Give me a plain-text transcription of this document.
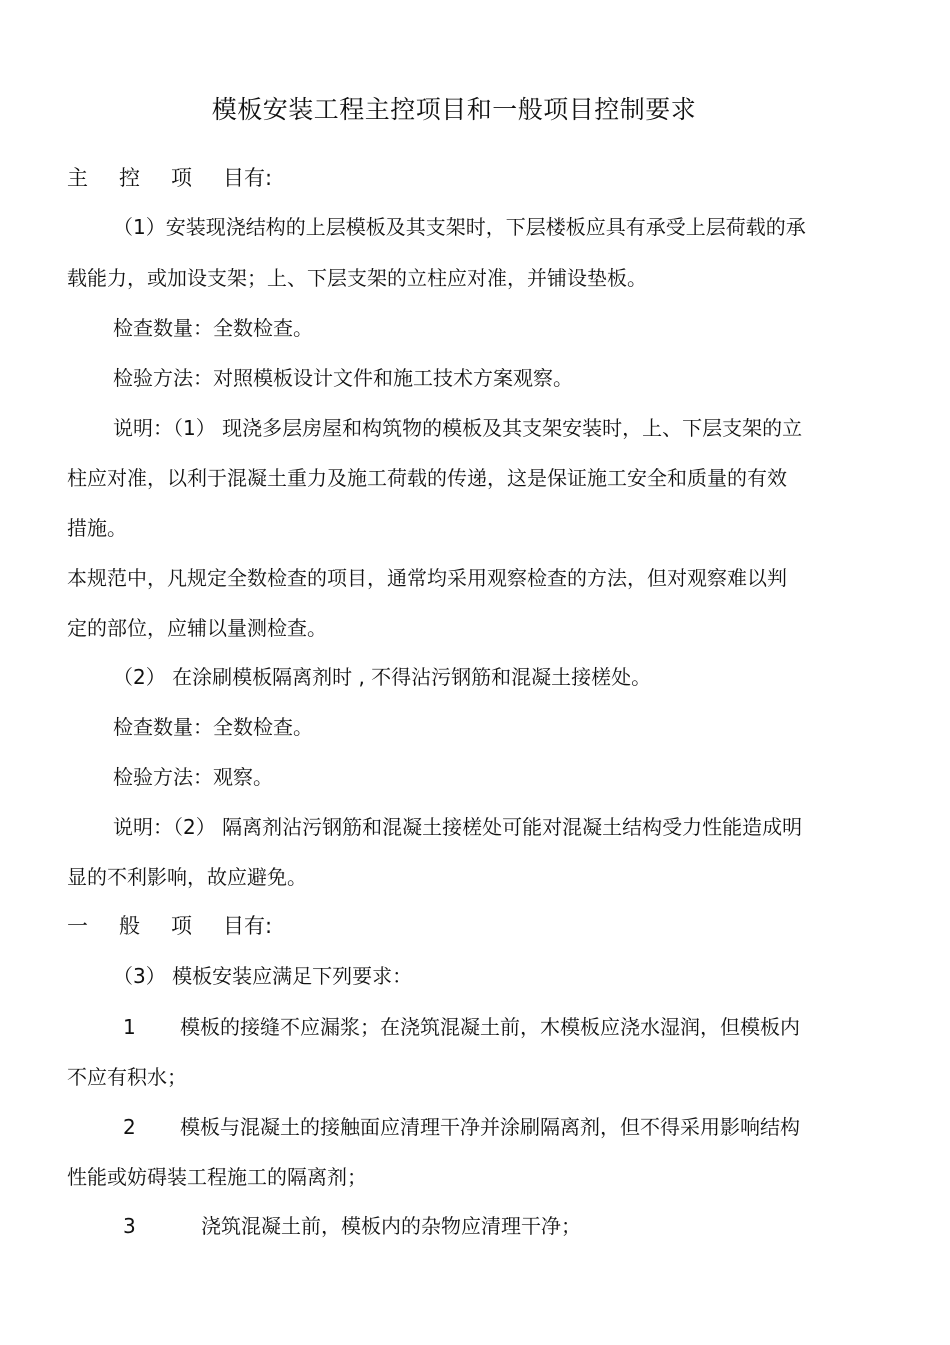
模板安装工程主控项目和一般项目控制要求
主 控 项 目有:
（1）安装现浇结构的上层模板及其支架时，下层楼板应具有承受上层荷载的承
载能力，或加设支架；上、下层支架的立柱应对准，并铺设垫板。
检查数量：全数检查。
检验方法：对照模板设计文件和施工技术方案观察。
说明：（1） 现浇多层房屋和构筑物的模板及其支架安装时，上、下层支架的立
柱应对准，以利于混凝土重力及施工荷载的传递，这是保证施工安全和质量的有效
措施。
本规范中，凡规定全数检查的项目，通常均采用观察检查的方法，但对观察难以判
定的部位，应辅以量测检查。
（2） 在涂刷模板隔离剂时 , 不得沾污钢筋和混凝土接槎处。
检查数量：全数检查。
检验方法：观察。
说明：（2） 隔离剂沾污钢筋和混凝土接槎处可能对混凝土结构受力性能造成明
显的不利影响，故应避免。
一 般 项 目有:
（3） 模板安装应满足下列要求：
1 模板的接缝不应漏浆；在浇筑混凝土前，木模板应浇水湿润，但模板内
不应有积水；
2 模板与混凝土的接触面应清理干净并涂刷隔离剂，但不得采用影响结构
性能或妨碍装工程施工的隔离剂；
3	浇筑混凝土前，模板内的杂物应清理干净；
